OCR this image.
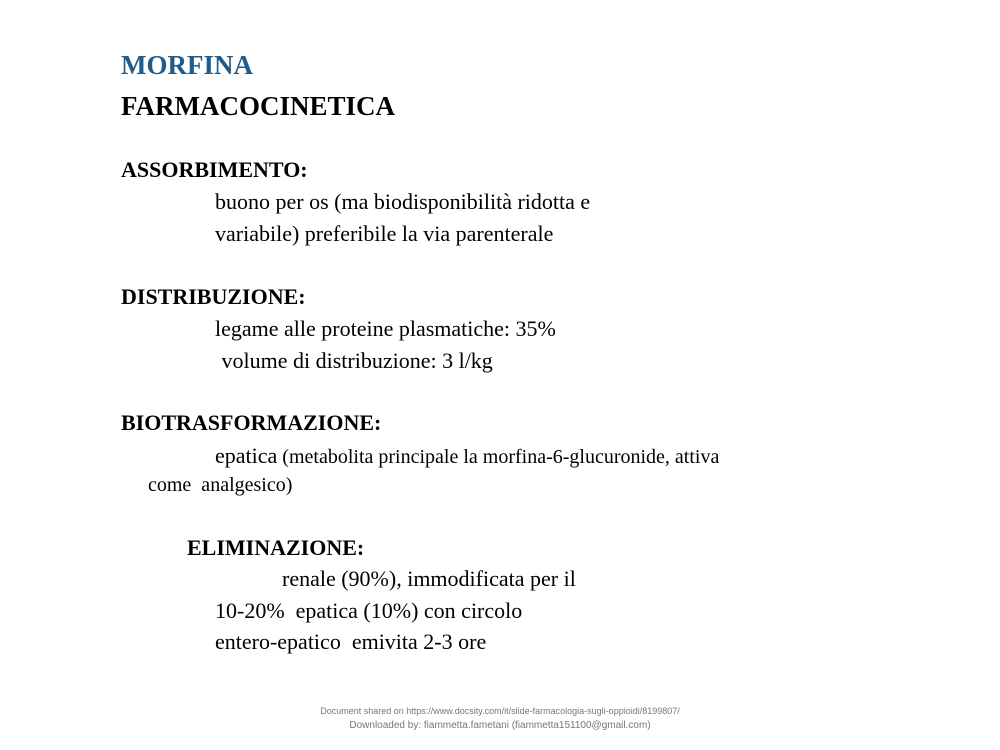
MORFINA
FARMACOCINETICA
ASSORBIMENTO:
buono per os (ma biodisponibilità ridotta e
variabile) preferibile la via parenterale
DISTRIBUZIONE:
legame alle proteine plasmatiche: 35%
volume di distribuzione: 3 l/kg
BIOTRASFORMAZIONE:
epatica (metabolita principale la morfina-6-glucuronide, attiva
come  analgesico)
ELIMINAZIONE:
renale (90%), immodificata per il
10-20%  epatica (10%) con circolo
entero-epatico  emivita 2-3 ore
Document shared on https://www.docsity.com/it/slide-farmacologia-sugli-oppioidi/8199807/
Downloaded by: fiammetta.fametani (fiammetta151100@gmail.com)
